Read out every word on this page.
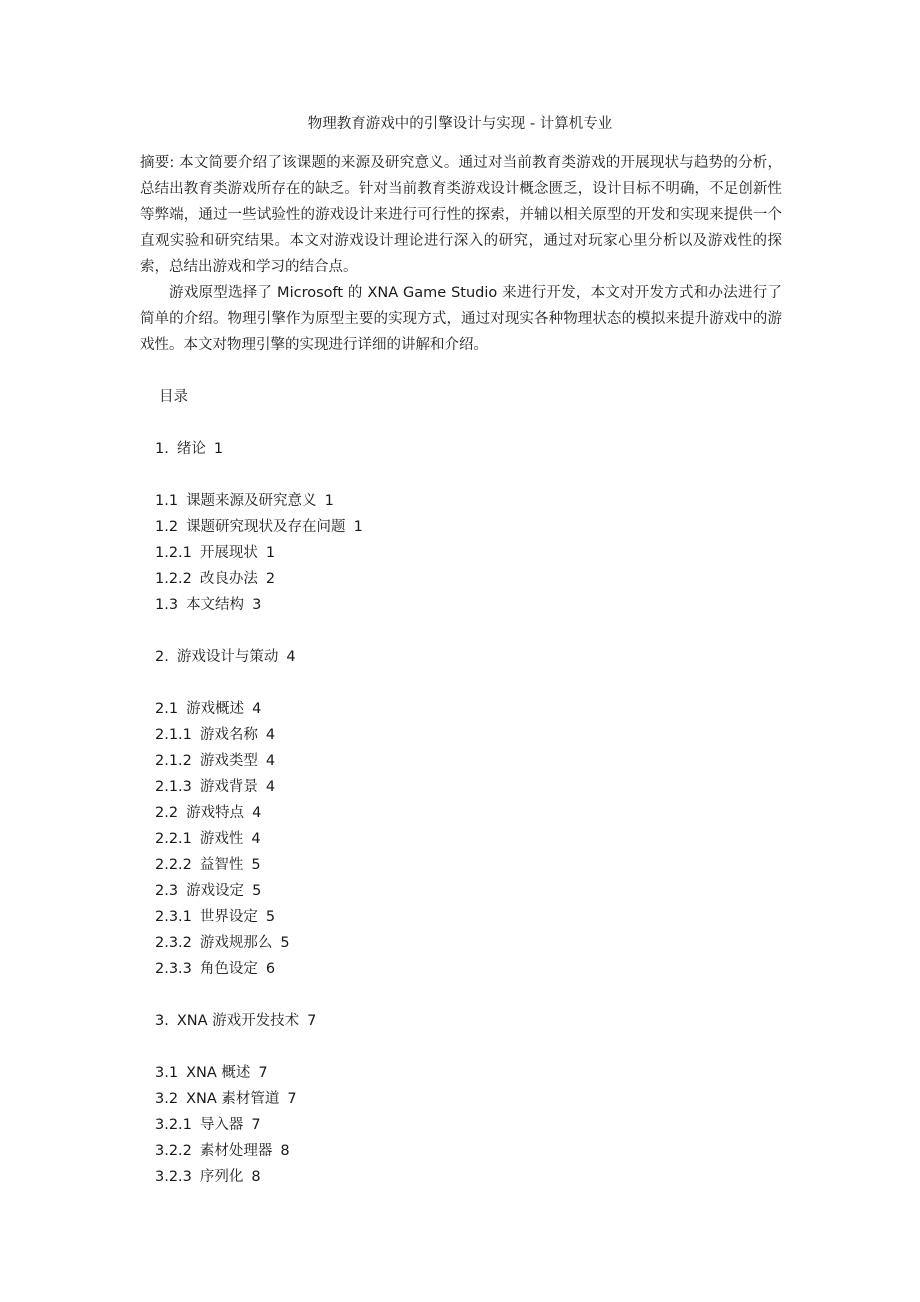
物理教育游戏中的引擎设计与实现 - 计算机专业

摘要: 本文简要介绍了该课题的来源及研究意义。通过对当前教育类游戏的开展现状与趋势的分析，总结出教育类游戏所存在的缺乏。针对当前教育类游戏设计概念匮乏，设计目标不明确，不足创新性等弊端，通过一些试验性的游戏设计来进行可行性的探索，并辅以相关原型的开发和实现来提供一个直观实验和研究结果。本文对游戏设计理论进行深入的研究，通过对玩家心里分析以及游戏性的探索，总结出游戏和学习的结合点。

游戏原型选择了 Microsoft 的 XNA Game Studio 来进行开发，本文对开发方式和办法进行了简单的介绍。物理引擎作为原型主要的实现方式，通过对现实各种物理状态的模拟来提升游戏中的游戏性。本文对物理引擎的实现进行详细的讲解和介绍。

目录
1. 绪论 1
1.1 课题来源及研究意义 1
1.2 课题研究现状及存在问题 1
1.2.1 开展现状 1
1.2.2 改良办法 2
1.3 本文结构 3
2. 游戏设计与策动 4
2.1 游戏概述 4
2.1.1 游戏名称 4
2.1.2 游戏类型 4
2.1.3 游戏背景 4
2.2 游戏特点 4
2.2.1 游戏性 4
2.2.2 益智性 5
2.3 游戏设定 5
2.3.1 世界设定 5
2.3.2 游戏规那么 5
2.3.3 角色设定 6
3. XNA 游戏开发技术 7
3.1 XNA 概述 7
3.2 XNA 素材管道 7
3.2.1 导入器 7
3.2.2 素材处理器 8
3.2.3 序列化 8
